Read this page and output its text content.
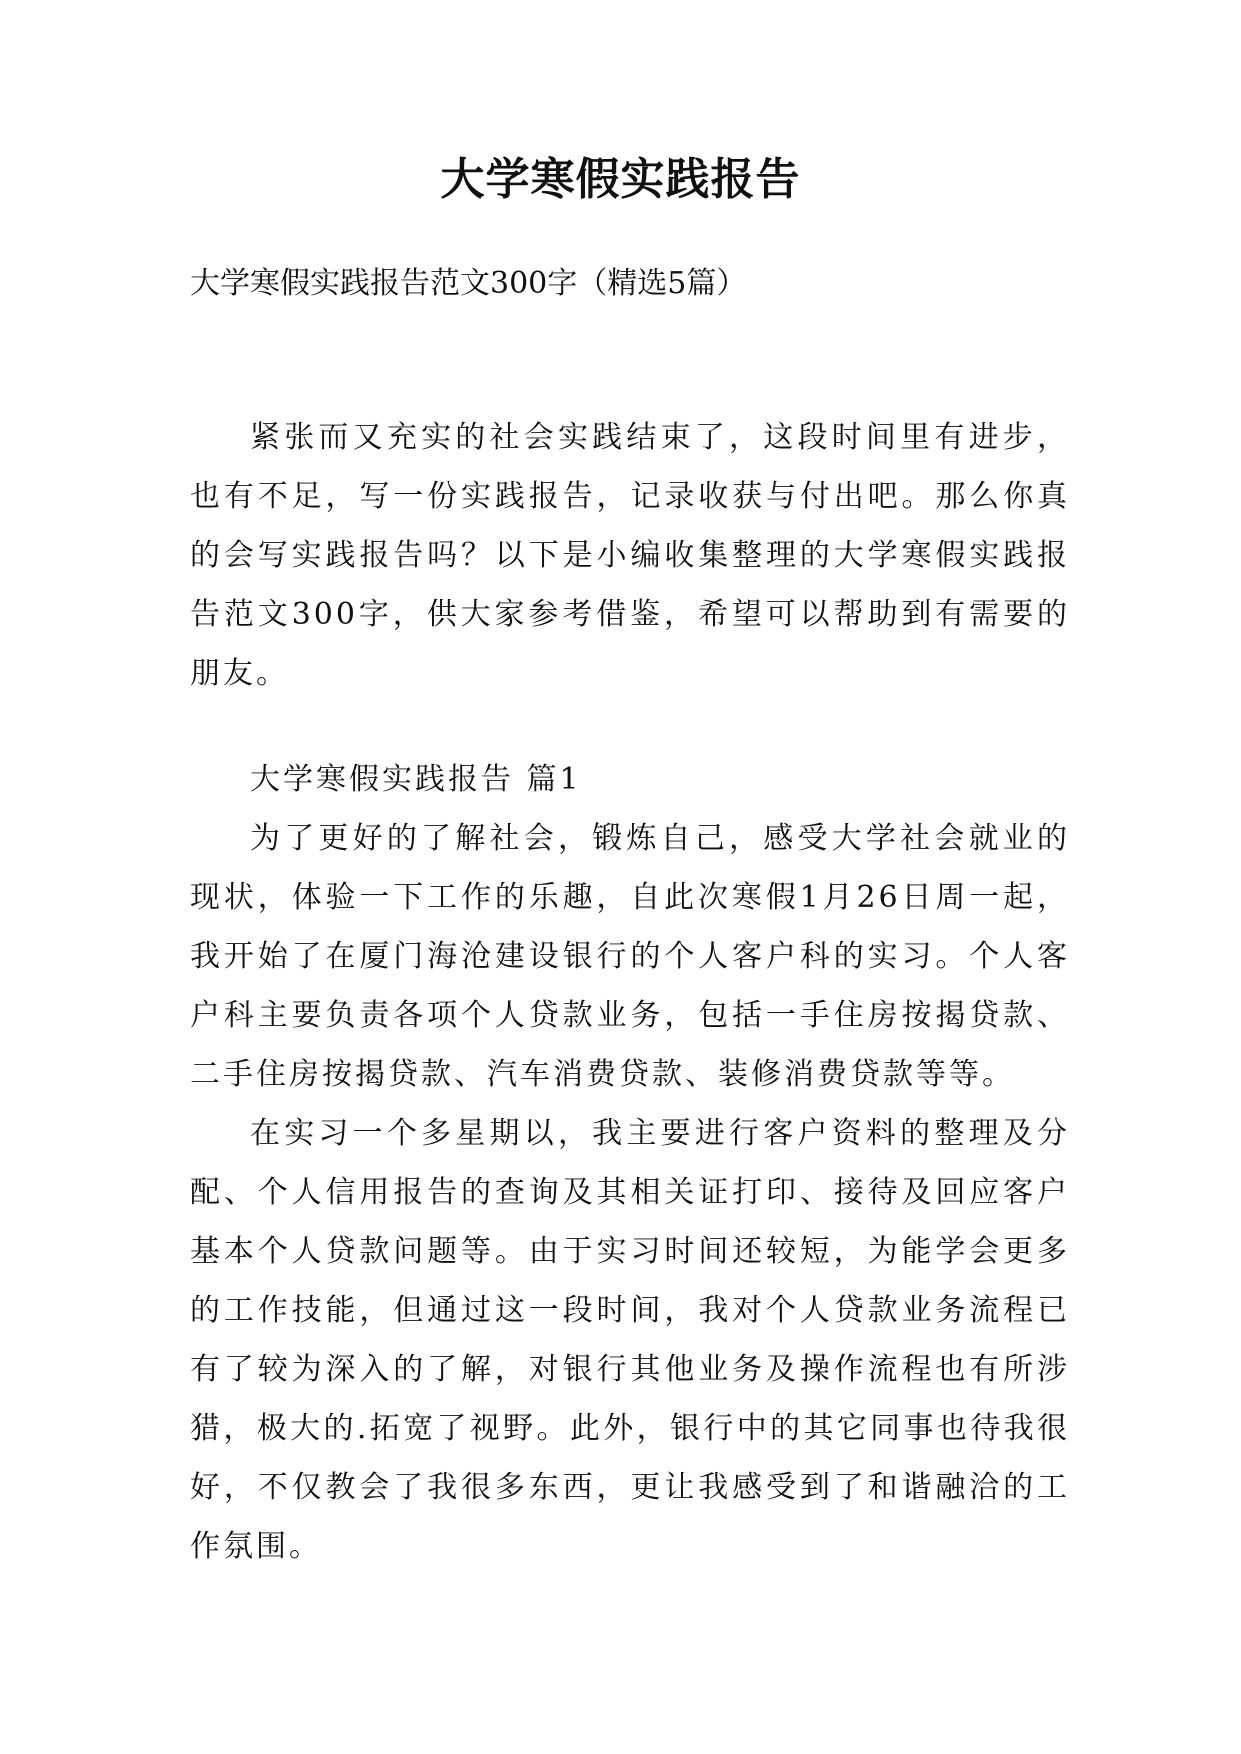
大学寒假实践报告
大学寒假实践报告范文300字（精选5篇）

紧张而又充实的社会实践结束了，这段时间里有进步，也有不足，写一份实践报告，记录收获与付出吧。那么你真的会写实践报告吗？以下是小编收集整理的大学寒假实践报告范文300字，供大家参考借鉴，希望可以帮助到有需要的朋友。

大学寒假实践报告 篇1

为了更好的了解社会，锻炼自己，感受大学社会就业的现状，体验一下工作的乐趣，自此次寒假1月26日周一起，我开始了在厦门海沧建设银行的个人客户科的实习。个人客户科主要负责各项个人贷款业务，包括一手住房按揭贷款、二手住房按揭贷款、汽车消费贷款、装修消费贷款等等。

在实习一个多星期以，我主要进行客户资料的整理及分配、个人信用报告的查询及其相关证打印、接待及回应客户基本个人贷款问题等。由于实习时间还较短，为能学会更多的工作技能，但通过这一段时间，我对个人贷款业务流程已有了较为深入的了解，对银行其他业务及操作流程也有所涉猎，极大的.拓宽了视野。此外，银行中的其它同事也待我很好，不仅教会了我很多东西，更让我感受到了和谐融洽的工作氛围。
